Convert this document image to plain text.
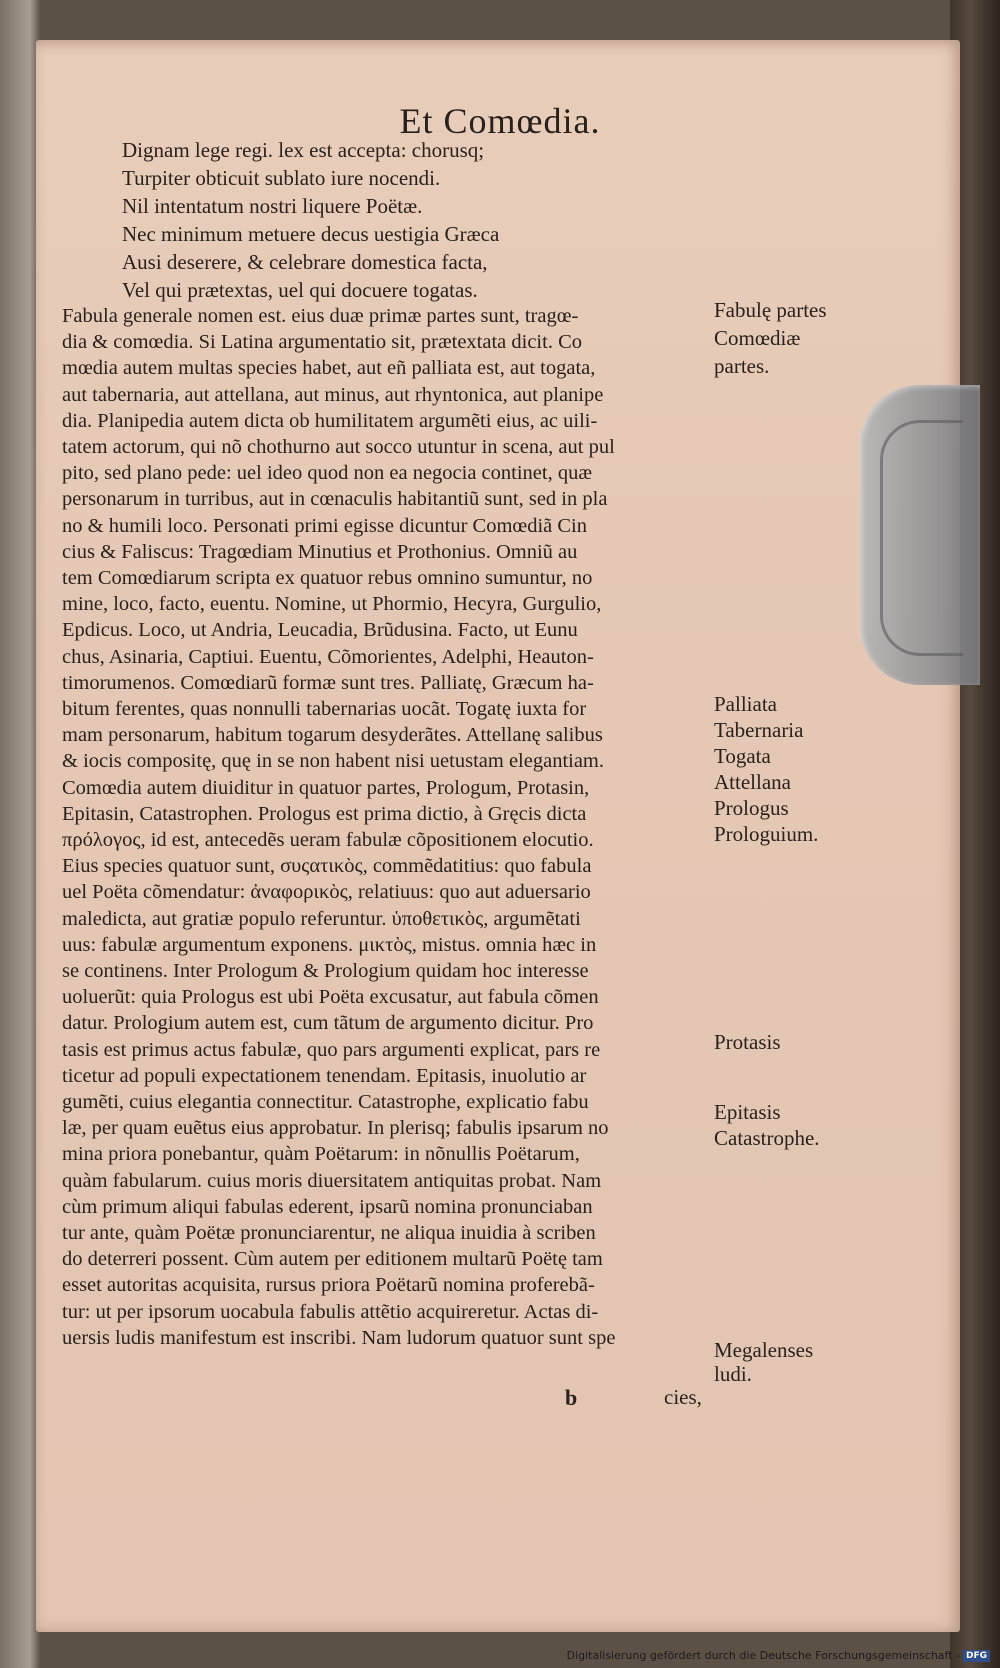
Et Comœdia.
Dignam lege regi. lex est accepta: chorusq;
Turpiter obticuit sublato iure nocendi.
Nil intentatum nostri liquere Poëtæ.
Nec minimum metuere decus uestigia Græca
Ausi deserere, & celebrare domestica facta,
Vel qui prætextas, uel qui docuere togatas.
Fabula generale nomen est. eius duæ primæ partes sunt, tragœ-
dia & comœdia. Si Latina argumentatio sit, prætextata dicit. Co
mœdia autem multas species habet, aut eñ palliata est, aut togata,
aut tabernaria, aut attellana, aut minus, aut rhyntonica, aut planipe
dia. Planipedia autem dicta ob humilitatem argumẽti eius, ac uili-
tatem actorum, qui nõ chothurno aut socco utuntur in scena, aut pul
pito, sed plano pede: uel ideo quod non ea negocia continet, quæ
personarum in turribus, aut in cœnaculis habitantiũ sunt, sed in pla
no & humili loco. Personati primi egisse dicuntur Comœdiã Cin
cius & Faliscus: Tragœdiam Minutius et Prothonius. Omniũ au
tem Comœdiarum scripta ex quatuor rebus omnino sumuntur, no
mine, loco, facto, euentu. Nomine, ut Phormio, Hecyra, Gurgulio,
Epdicus. Loco, ut Andria, Leucadia, Brũdusina. Facto, ut Eunu
chus, Asinaria, Captiui. Euentu, Cõmorientes, Adelphi, Heauton-
timorumenos. Comœdiarũ formæ sunt tres. Palliatę, Græcum ha-
bitum ferentes, quas nonnulli tabernarias uocãt. Togatę iuxta for
mam personarum, habitum togarum desyderãtes. Attellanę salibus
& iocis compositę, quę in se non habent nisi uetustam elegantiam.
Comœdia autem diuiditur in quatuor partes, Prologum, Protasin,
Epitasin, Catastrophen. Prologus est prima dictio, à Gręcis dicta
πρόλογος, id est, antecedẽs ueram fabulæ cõpositionem elocutio.
Eius species quatuor sunt, συςατικὸς, commẽdatitius: quo fabula
uel Poëta cõmendatur: ἀναφορικὸς, relatiuus: quo aut aduersario
maledicta, aut gratiæ populo referuntur. ὑποθετικὸς, argumẽtati
uus: fabulæ argumentum exponens. μικτὸς, mistus. omnia hæc in
se continens. Inter Prologum & Prologium quidam hoc interesse
uoluerũt: quia Prologus est ubi Poëta excusatur, aut fabula cõmen
datur. Prologium autem est, cum tãtum de argumento dicitur. Pro
tasis est primus actus fabulæ, quo pars argumenti explicat, pars re
ticetur ad populi expectationem tenendam. Epitasis, inuolutio ar
gumẽti, cuius elegantia connectitur. Catastrophe, explicatio fabu
læ, per quam euẽtus eius approbatur. In plerisq; fabulis ipsarum no
mina priora ponebantur, quàm Poëtarum: in nõnullis Poëtarum,
quàm fabularum. cuius moris diuersitatem antiquitas probat. Nam
cùm primum aliqui fabulas ederent, ipsarũ nomina pronunciaban
tur ante, quàm Poëtæ pronunciarentur, ne aliqua inuidia à scriben
do deterreri possent. Cùm autem per editionem multarũ Poëtę tam
esset autoritas acquisita, rursus priora Poëtarũ nomina proferebã-
tur: ut per ipsorum uocabula fabulis attẽtio acquireretur. Actas di-
uersis ludis manifestum est inscribi. Nam ludorum quatuor sunt spe
Fabulę partes
Comœdiæ
partes.
Palliata
Tabernaria
Togata
Attellana
Prologus
Prologuium.
Protasis
Epitasis
Catastrophe.
Megalenses
ludi.
b	cies,
Digitalisierung gefördert durch die Deutsche Forschungsgemeinschaft - DFG
